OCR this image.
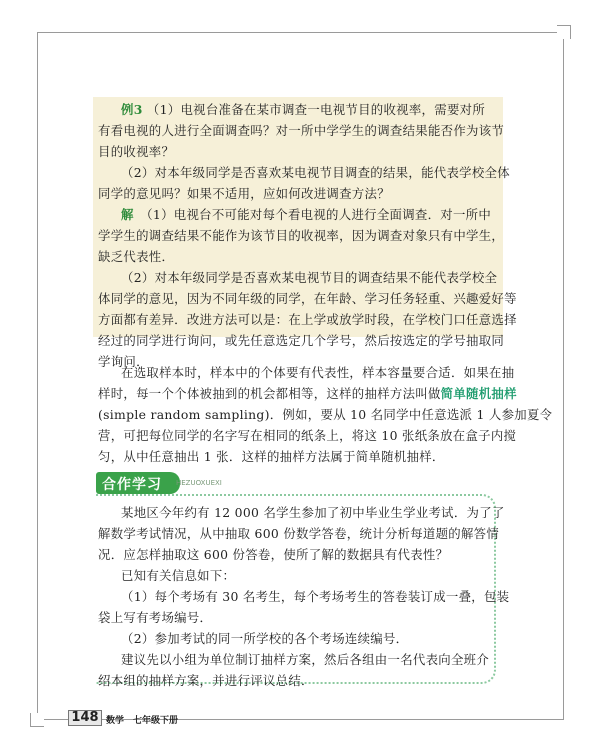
例3 （1）电视台准备在某市调查一电视节目的收视率，需要对所
有看电视的人进行全面调查吗？对一所中学学生的调查结果能否作为该节
目的收视率？
（2）对本年级同学是否喜欢某电视节目调查的结果，能代表学校全体
同学的意见吗？如果不适用，应如何改进调查方法？
解　 （1）电视台不可能对每个看电视的人进行全面调查．对一所中
学学生的调查结果不能作为该节目的收视率，因为调查对象只有中学生，
缺乏代表性．
（2）对本年级同学是否喜欢某电视节目的调查结果不能代表学校全
体同学的意见，因为不同年级的同学，在年龄、学习任务轻重、兴趣爱好等
方面都有差异．改进方法可以是：在上学或放学时段，在学校门口任意选择
经过的同学进行询问，或先任意选定几个学号，然后按选定的学号抽取同
学询问．
在选取样本时，样本中的个体要有代表性，样本容量要合适．如果在抽
样时，每一个个体被抽到的机会都相等，这样的抽样方法叫做简单随机抽样
(simple random sampling)．例如，要从 10 名同学中任意选派 1 人参加夏令
营，可把每位同学的名字写在相同的纸条上，将这 10 张纸条放在盒子内搅
匀，从中任意抽出 1 张．这样的抽样方法属于简单随机抽样．
合作学习 HEZUOXUEXI
某地区今年约有 12 000 名学生参加了初中毕业生学业考试．为了了
解数学考试情况，从中抽取 600 份数学答卷，统计分析每道题的解答情
况．应怎样抽取这 600 份答卷，使所了解的数据具有代表性？
已知有关信息如下：
（1）每个考场有 30 名考生，每个考场考生的答卷装订成一叠，包装
袋上写有考场编号．
（2）参加考试的同一所学校的各个考场连续编号．
建议先以小组为单位制订抽样方案，然后各组由一名代表向全班介
绍本组的抽样方案，并进行评议总结．
148 数学　七年级下册
